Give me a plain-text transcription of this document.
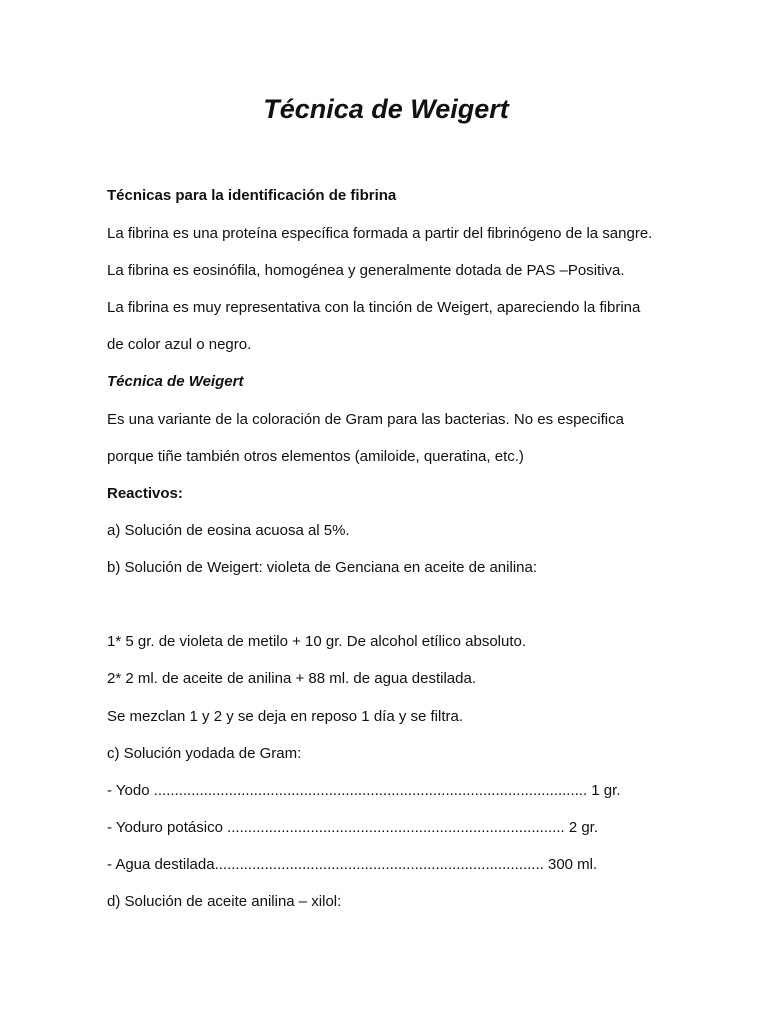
Técnica de Weigert

Técnicas para la identificación de fibrina

La fibrina es una proteína específica formada a partir del fibrinógeno de la sangre.

La fibrina es eosinófila, homogénea y generalmente dotada de PAS –Positiva.

La fibrina es muy representativa con la tinción de Weigert, apareciendo la fibrina

de color azul o negro.

Técnica de Weigert

Es una variante de la coloración de Gram para las bacterias. No es especifica

porque tiñe también otros elementos (amiloide, queratina, etc.)

Reactivos:

a) Solución de eosina acuosa al 5%.

b) Solución de Weigert: violeta de Genciana en aceite de anilina:

1* 5 gr. de violeta de metilo + 10 gr. De alcohol etílico absoluto.

2* 2 ml. de aceite de anilina + 88 ml. de agua destilada.

Se mezclan 1 y 2 y se deja en reposo 1 día y se filtra.

c) Solución yodada de Gram:

- Yodo ........................................................................................................ 1 gr.

- Yoduro potásico ................................................................................. 2 gr.

- Agua destilada............................................................................... 300 ml.

d) Solución de aceite anilina – xilol:
